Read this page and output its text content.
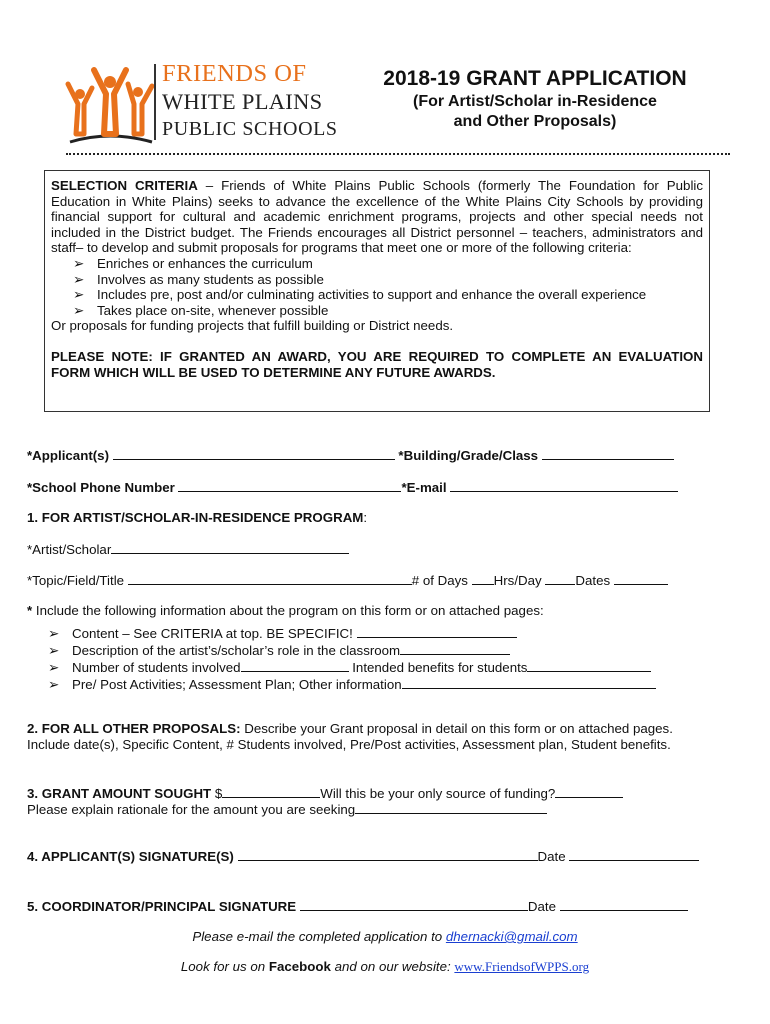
FRIENDS OF
WHITE PLAINS
PUBLIC SCHOOLS
2018-19 GRANT APPLICATION
(For Artist/Scholar in-Residence
and Other Proposals)

SELECTION CRITERIA – Friends of White Plains Public Schools (formerly The Foundation for Public Education in White Plains) seeks to advance the excellence of the White Plains City Schools by providing financial support for cultural and academic enrichment programs, projects and other special needs not included in the District budget. The Friends encourages all District personnel – teachers, administrators and staff– to develop and submit proposals for programs that meet one or more of the following criteria:

➢ Enriches or enhances the curriculum
➢ Involves as many students as possible
➢ Includes pre, post and/or culminating activities to support and enhance the overall experience
➢ Takes place on-site, whenever possible

Or proposals for funding projects that fulfill building or District needs.

PLEASE NOTE: IF GRANTED AN AWARD, YOU ARE REQUIRED TO COMPLETE AN EVALUATION FORM WHICH WILL BE USED TO DETERMINE ANY FUTURE AWARDS.

*Applicant(s)	*Building/Grade/Class
*School Phone Number	*E-mail
1. FOR ARTIST/SCHOLAR-IN-RESIDENCE PROGRAM:
*Artist/Scholar
*Topic/Field/Title	# of Days Hrs/Day	Dates
* Include the following information about the program on this form or on attached pages:
➢ Content – See CRITERIA at top. BE SPECIFIC!
➢ Description of the artist’s/scholar’s role in the classroom
➢ Number of students involved	Intended benefits for students
➢ Pre/ Post Activities; Assessment Plan; Other information
2. FOR ALL OTHER PROPOSALS: Describe your Grant proposal in detail on this form or on attached pages.
Include date(s), Specific Content, # Students involved, Pre/Post activities, Assessment plan, Student benefits.
3. GRANT AMOUNT SOUGHT $	Will this be your only source of funding?
Please explain rationale for the amount you are seeking
4. APPLICANT(S) SIGNATURE(S)	Date
5. COORDINATOR/PRINCIPAL SIGNATURE	Date
Please e-mail the completed application to dhernacki@gmail.com
Look for us on Facebook and on our website: www.FriendsofWPPS.org
